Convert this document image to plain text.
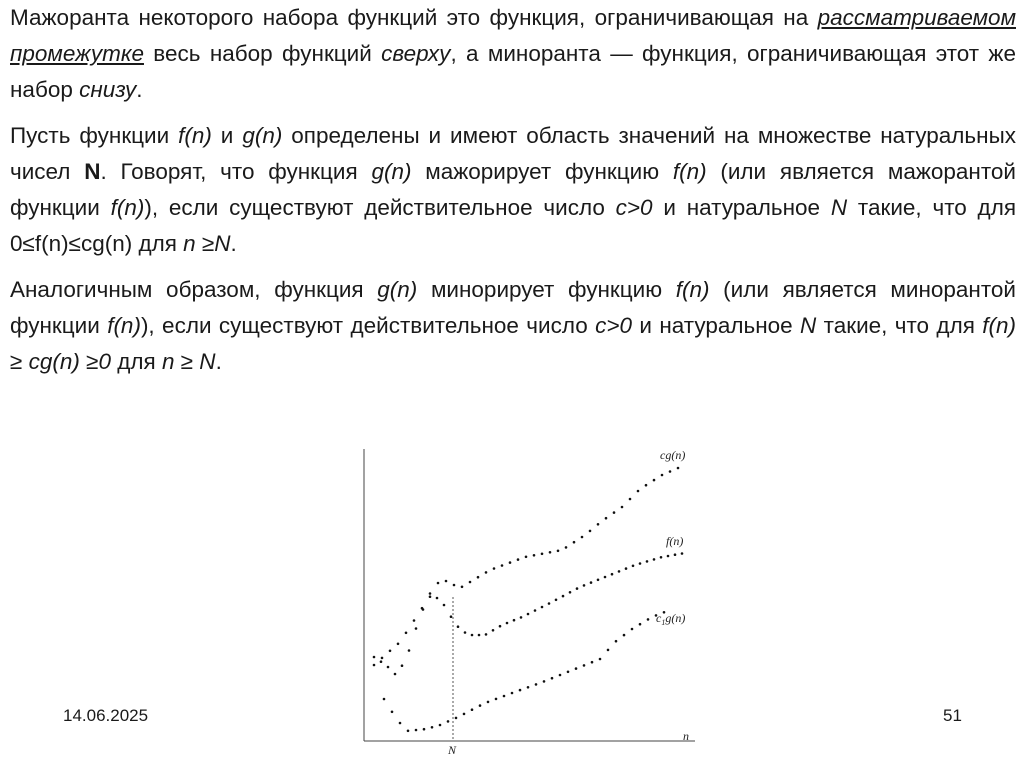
Мажоранта некоторого набора функций это функция, ограничивающая на рассматриваемом промежутке весь набор функций сверху, а миноранта — функция, ограничивающая этот же набор снизу.

Пусть функции f(n) и g(n) определены и имеют область значений на множестве натуральных чисел N. Говорят, что функция g(n) мажорирует функцию f(n) (или является мажорантой функции f(n)), если существуют действительное число c>0 и натуральное N такие, что для 0≤f(n)≤cg(n) для n ≥N.

Аналогичным образом, функция g(n) минорирует функцию f(n) (или является минорантой функции f(n)), если существуют действительное число c>0 и натуральное N такие, что для f(n) ≥ cg(n) ≥0 для n ≥ N.

cg(n)
f(n)
$c_1g(n)$
n
N
14.06.2025	51
